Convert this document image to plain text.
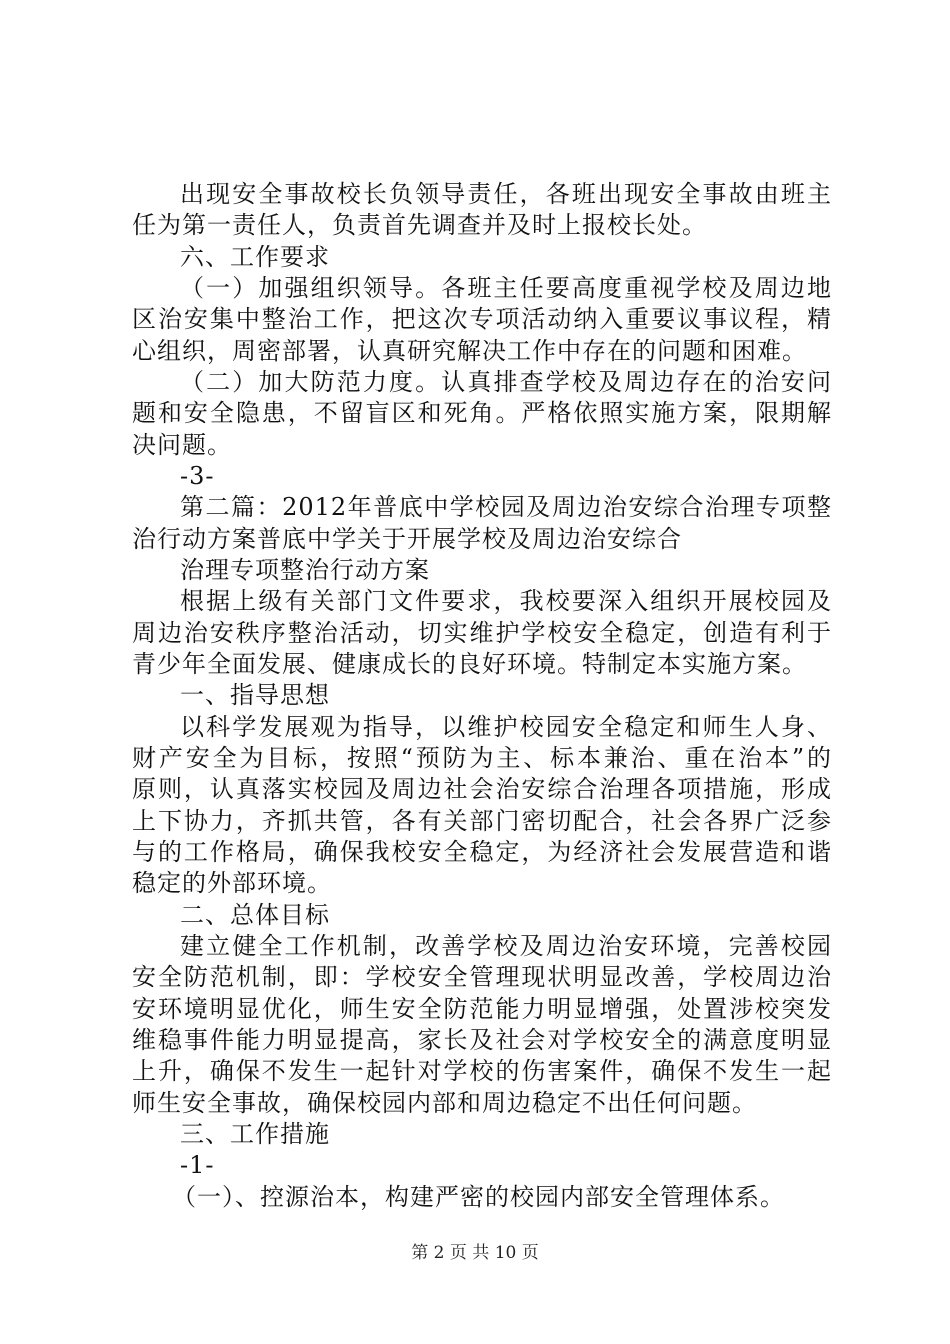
出现安全事故校长负领导责任，各班出现安全事故由班主
任为第一责任人，负责首先调查并及时上报校长处。
六、工作要求
（一）加强组织领导。各班主任要高度重视学校及周边地
区治安集中整治工作，把这次专项活动纳入重要议事议程，精
心组织，周密部署，认真研究解决工作中存在的问题和困难。
（二）加大防范力度。认真排查学校及周边存在的治安问
题和安全隐患，不留盲区和死角。严格依照实施方案，限期解
决问题。
-3-
第二篇：2012年普底中学校园及周边治安综合治理专项整
治行动方案普底中学关于开展学校及周边治安综合
治理专项整治行动方案
根据上级有关部门文件要求，我校要深入组织开展校园及
周边治安秩序整治活动，切实维护学校安全稳定，创造有利于
青少年全面发展、健康成长的良好环境。特制定本实施方案。
一、指导思想
以科学发展观为指导，以维护校园安全稳定和师生人身、
财产安全为目标，按照“预防为主、标本兼治、重在治本”的
原则，认真落实校园及周边社会治安综合治理各项措施，形成
上下协力，齐抓共管，各有关部门密切配合，社会各界广泛参
与的工作格局，确保我校安全稳定，为经济社会发展营造和谐
稳定的外部环境。
二、总体目标
建立健全工作机制，改善学校及周边治安环境，完善校园
安全防范机制，即：学校安全管理现状明显改善，学校周边治
安环境明显优化，师生安全防范能力明显增强，处置涉校突发
维稳事件能力明显提高，家长及社会对学校安全的满意度明显
上升，确保不发生一起针对学校的伤害案件，确保不发生一起
师生安全事故，确保校园内部和周边稳定不出任何问题。
三、工作措施
-1-
（一）、控源治本，构建严密的校园内部安全管理体系。
第 2 页 共 10 页
